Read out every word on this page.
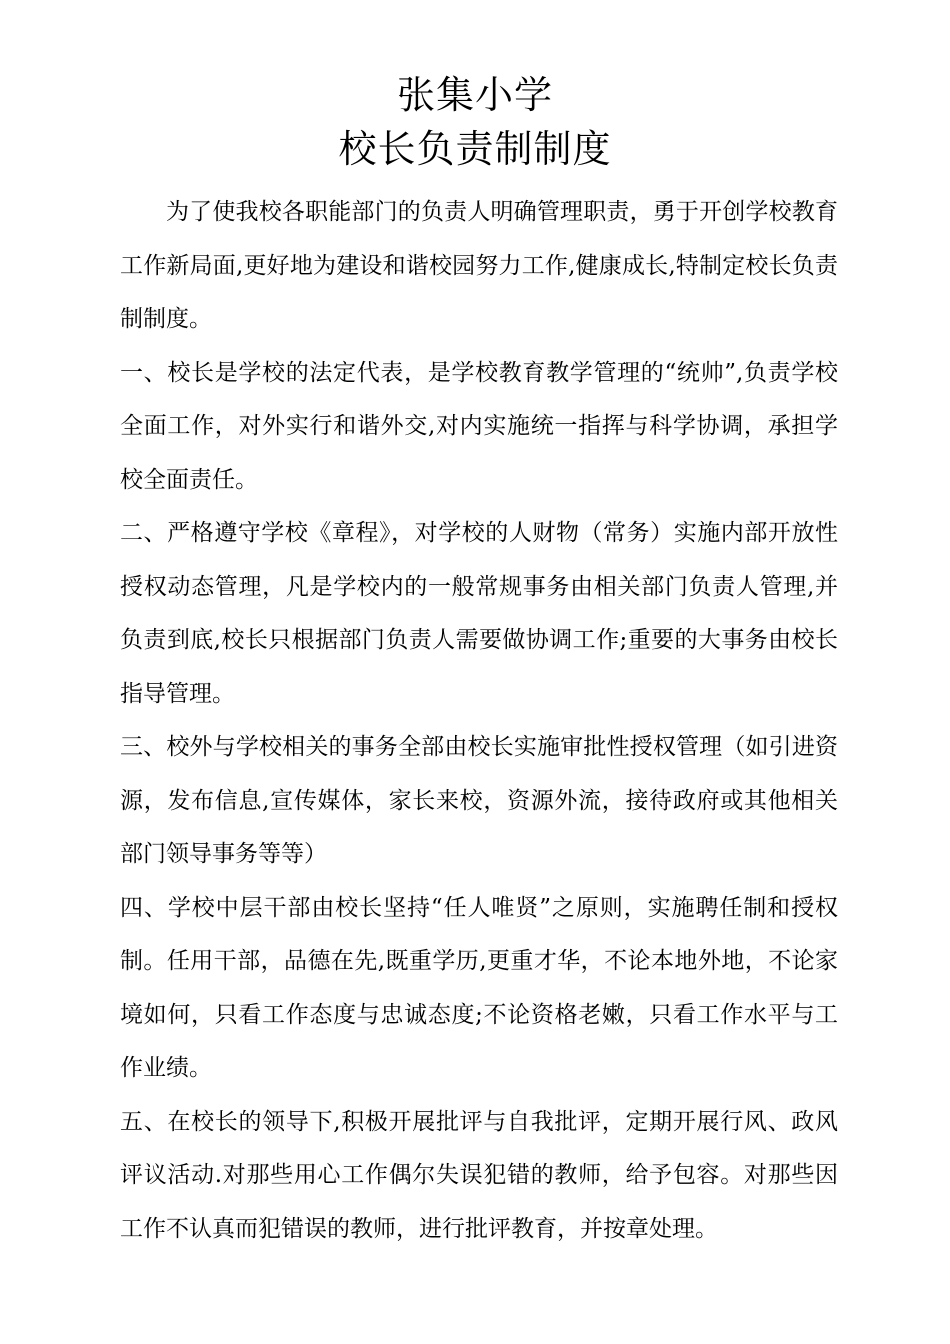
张集小学
校长负责制制度

为了使我校各职能部门的负责人明确管理职责，勇于开创学校教育工作新局面,更好地为建设和谐校园努力工作,健康成长,特制定校长负责制制度。

一、校长是学校的法定代表，是学校教育教学管理的“统帅”,负责学校全面工作，对外实行和谐外交,对内实施统一指挥与科学协调，承担学校全面责任。

二、严格遵守学校《章程》，对学校的人财物（常务）实施内部开放性授权动态管理，凡是学校内的一般常规事务由相关部门负责人管理,并负责到底,校长只根据部门负责人需要做协调工作;重要的大事务由校长指导管理。

三、校外与学校相关的事务全部由校长实施审批性授权管理（如引进资源，发布信息,宣传媒体，家长来校，资源外流，接待政府或其他相关部门领导事务等等）

四、学校中层干部由校长坚持“任人唯贤”之原则，实施聘任制和授权制。任用干部，品德在先,既重学历,更重才华，不论本地外地，不论家境如何，只看工作态度与忠诚态度;不论资格老嫩，只看工作水平与工作业绩。

五、在校长的领导下,积极开展批评与自我批评，定期开展行风、政风评议活动.对那些用心工作偶尔失误犯错的教师，给予包容。对那些因工作不认真而犯错误的教师，进行批评教育，并按章处理。
